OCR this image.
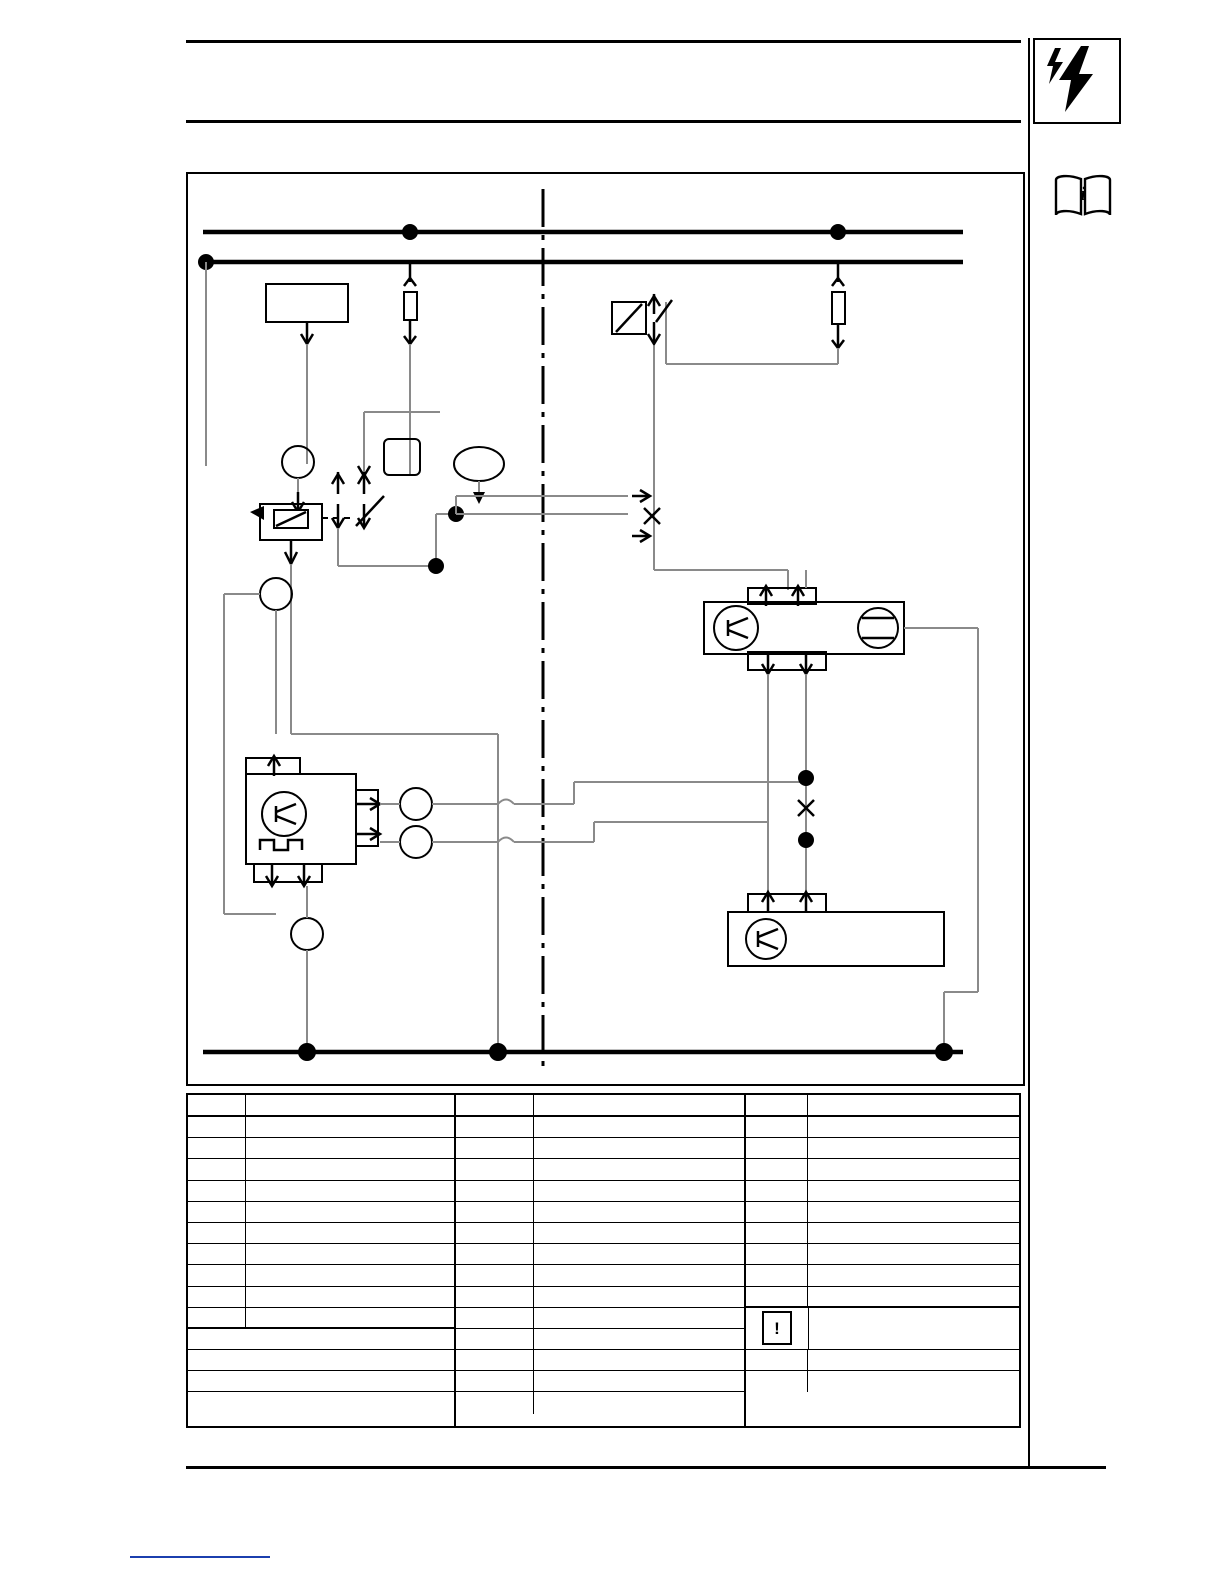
i
!
